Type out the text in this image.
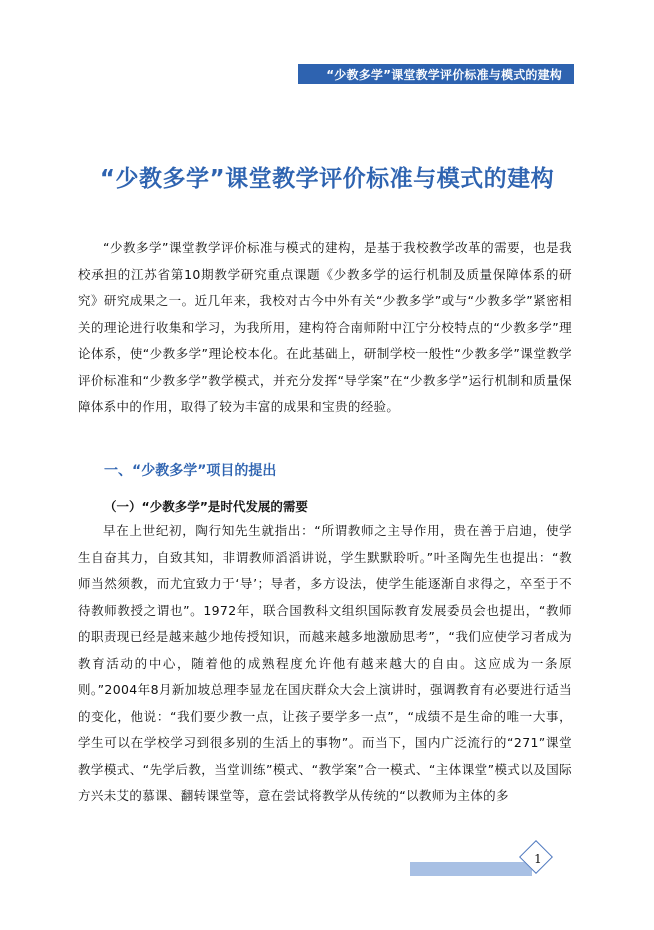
“少教多学”课堂教学评价标准与模式的建构
“少教多学”课堂教学评价标准与模式的建构

“少教多学”课堂教学评价标准与模式的建构，是基于我校教学改革的需要，也是我校承担的江苏省第10期教学研究重点课题《少教多学的运行机制及质量保障体系的研究》研究成果之一。近几年来，我校对古今中外有关“少教多学”或与“少教多学”紧密相关的理论进行收集和学习，为我所用，建构符合南师附中江宁分校特点的“少教多学”理论体系，使“少教多学”理论校本化。在此基础上，研制学校一般性“少教多学”课堂教学评价标准和“少教多学”教学模式，并充分发挥“导学案”在“少教多学”运行机制和质量保障体系中的作用，取得了较为丰富的成果和宝贵的经验。

一、“少教多学”项目的提出
（一）“少教多学”是时代发展的需要

早在上世纪初，陶行知先生就指出：“所谓教师之主导作用，贵在善于启迪，使学生自奋其力，自致其知，非谓教师滔滔讲说，学生默默聆听。”叶圣陶先生也提出：“教师当然须教，而尤宜致力于‘导’；导者，多方设法，使学生能逐渐自求得之，卒至于不待教师教授之谓也”。1972年，联合国教科文组织国际教育发展委员会也提出，“教师的职责现已经是越来越少地传授知识，而越来越多地激励思考”，“我们应使学习者成为教育活动的中心，随着他的成熟程度允许他有越来越大的自由。这应成为一条原则。”2004年8月新加坡总理李显龙在国庆群众大会上演讲时，强调教育有必要进行适当的变化，他说：“我们要少教一点，让孩子要学多一点”，“成绩不是生命的唯一大事，学生可以在学校学习到很多别的生活上的事物”。而当下，国内广泛流行的“271”课堂教学模式、“先学后教，当堂训练”模式、“教学案”合一模式、“主体课堂”模式以及国际方兴未艾的慕课、翻转课堂等，意在尝试将教学从传统的“以教师为主体的多

1
